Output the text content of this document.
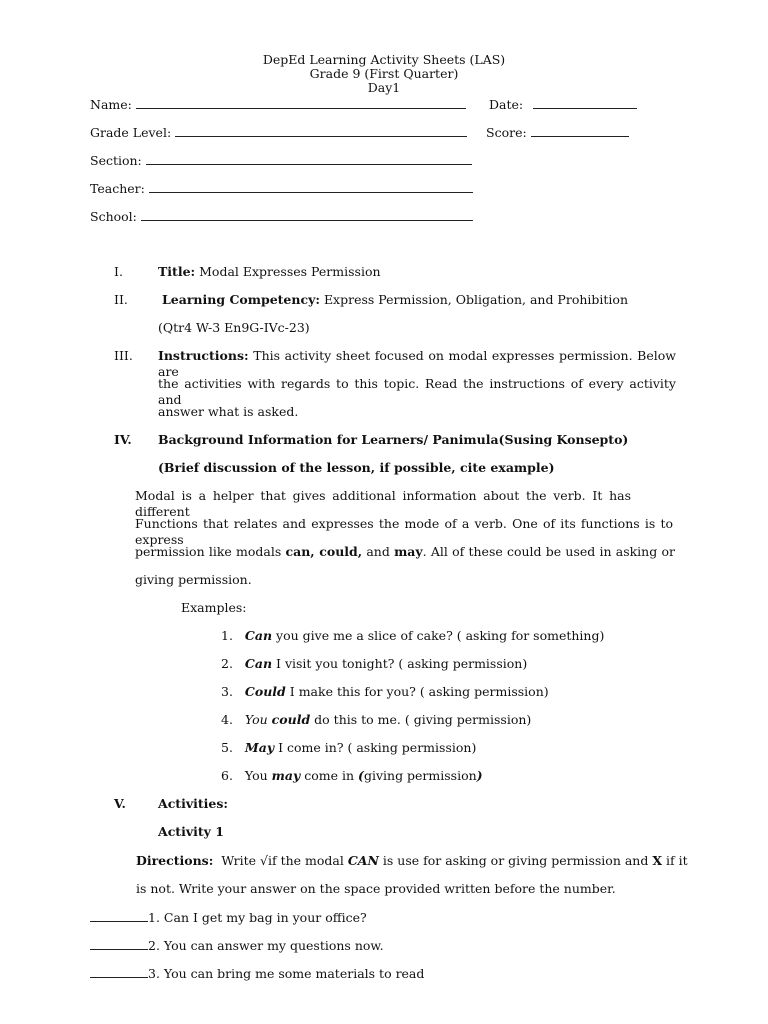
DepEd Learning Activity Sheets (LAS)
Grade 9 (First Quarter)
Day1
Name:	Date:
Grade Level:	Score:
Section:
Teacher:
School:
I.	Title: Modal Expresses Permission
II.	Learning Competency: Express Permission, Obligation, and Prohibition
(Qtr4 W-3 En9G-IVc-23)
III. Instructions: This activity sheet focused on modal expresses permission. Below are
the activities with regards to this topic. Read the instructions of every activity and
answer what is asked.
IV. Background Information for Learners/ Panimula(Susing Konsepto)
(Brief discussion of the lesson, if possible, cite example)
Modal is a helper that gives additional information about the verb. It has different
Functions that relates and expresses the mode of a verb. One of its functions is to express
permission like modals can, could, and may. All of these could be used in asking or
giving permission.
Examples:
1. Can you give me a slice of cake? ( asking for something)
2. Can I visit you tonight? ( asking permission)
3. Could I make this for you? ( asking permission)
4. You could do this to me. ( giving permission)
5. May I come in? ( asking permission)
6. You may come in (giving permission)
V.	Activities:
Activity 1
Directions: Write √if the modal CAN is use for asking or giving permission and X if it
is not. Write your answer on the space provided written before the number.
1. Can I get my bag in your office?
2. You can answer my questions now.
3. You can bring me some materials to read
